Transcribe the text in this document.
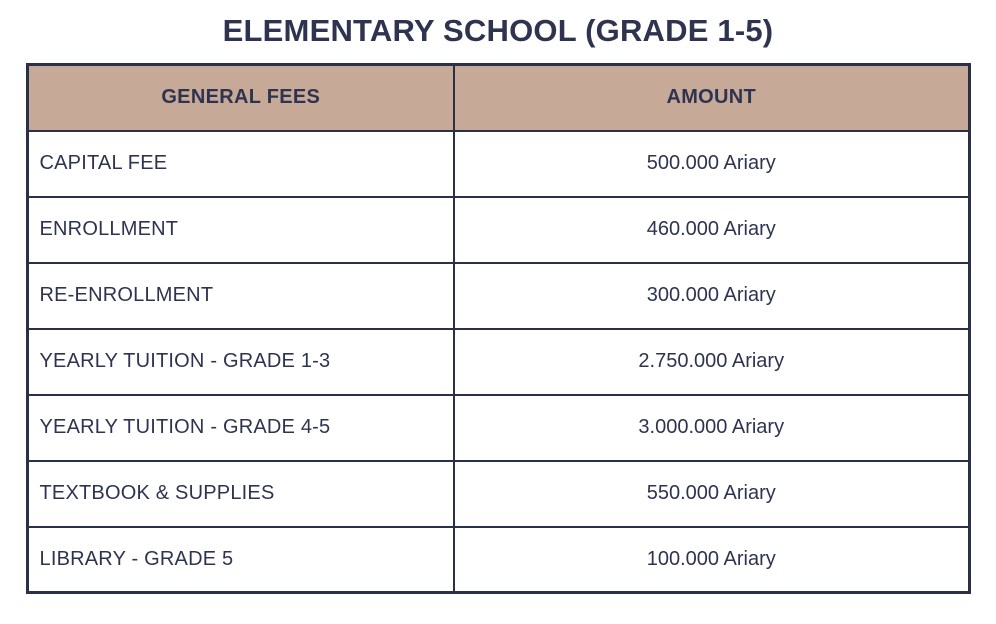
ELEMENTARY SCHOOL (GRADE 1-5)
GENERAL FEES	AMOUNT
CAPITAL FEE	500.000 Ariary
ENROLLMENT	460.000 Ariary
RE-ENROLLMENT	300.000 Ariary
YEARLY TUITION - GRADE 1-3	2.750.000 Ariary
YEARLY TUITION - GRADE 4-5	3.000.000 Ariary
TEXTBOOK & SUPPLIES	550.000 Ariary
LIBRARY - GRADE 5	100.000 Ariary
